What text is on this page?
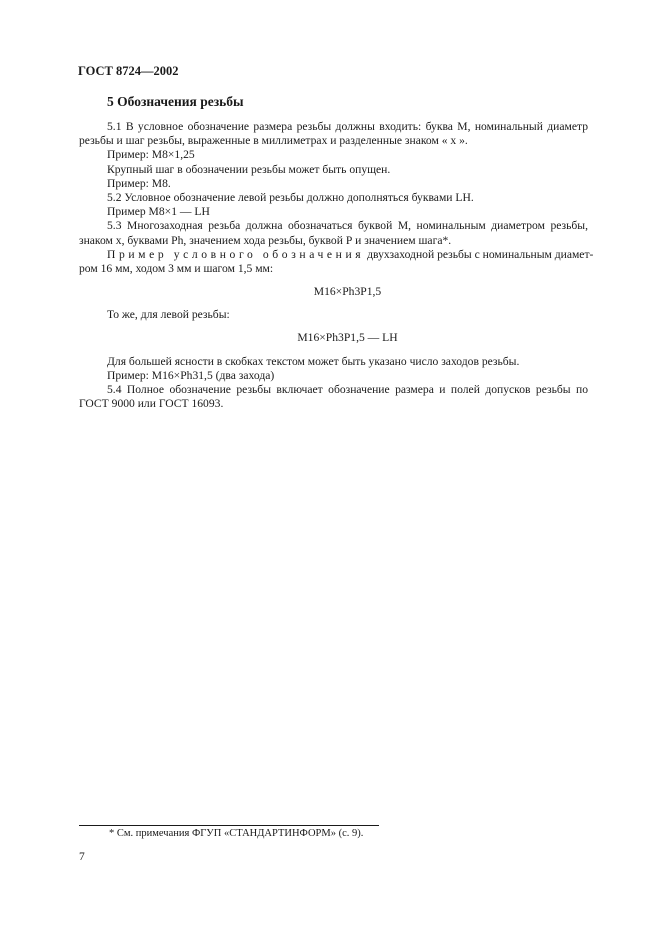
ГОСТ 8724—2002
5 Обозначения резьбы
5.1 В условное обозначение размера резьбы должны входить: буква М, номинальный диаметр
резьбы и шаг резьбы, выраженные в миллиметрах и разделенные знаком « х ».
Пример: М8×1,25
Крупный шаг в обозначении резьбы может быть опущен.
Пример: М8.
5.2 Условное обозначение левой резьбы должно дополняться буквами LH.
Пример М8×1 — LH
5.3 Многозаходная резьба должна обозначаться буквой М, номинальным диаметром резьбы,
знаком х, буквами Ph, значением хода резьбы, буквой Р и значением шага*.
Пример условного обозначения двухзаходной резьбы с номинальным диамет-
ром 16 мм, ходом 3 мм и шагом 1,5 мм:
M16×Ph3P1,5
То же, для левой резьбы:
M16×Ph3P1,5 — LH
Для большей ясности в скобках текстом может быть указано число заходов резьбы.
Пример: M16×Ph31,5 (два захода)
5.4 Полное обозначение резьбы включает обозначение размера и полей допусков резьбы по
ГОСТ 9000 или ГОСТ 16093.
* См. примечания ФГУП «СТАНДАРТИНФОРМ» (с. 9).
7
